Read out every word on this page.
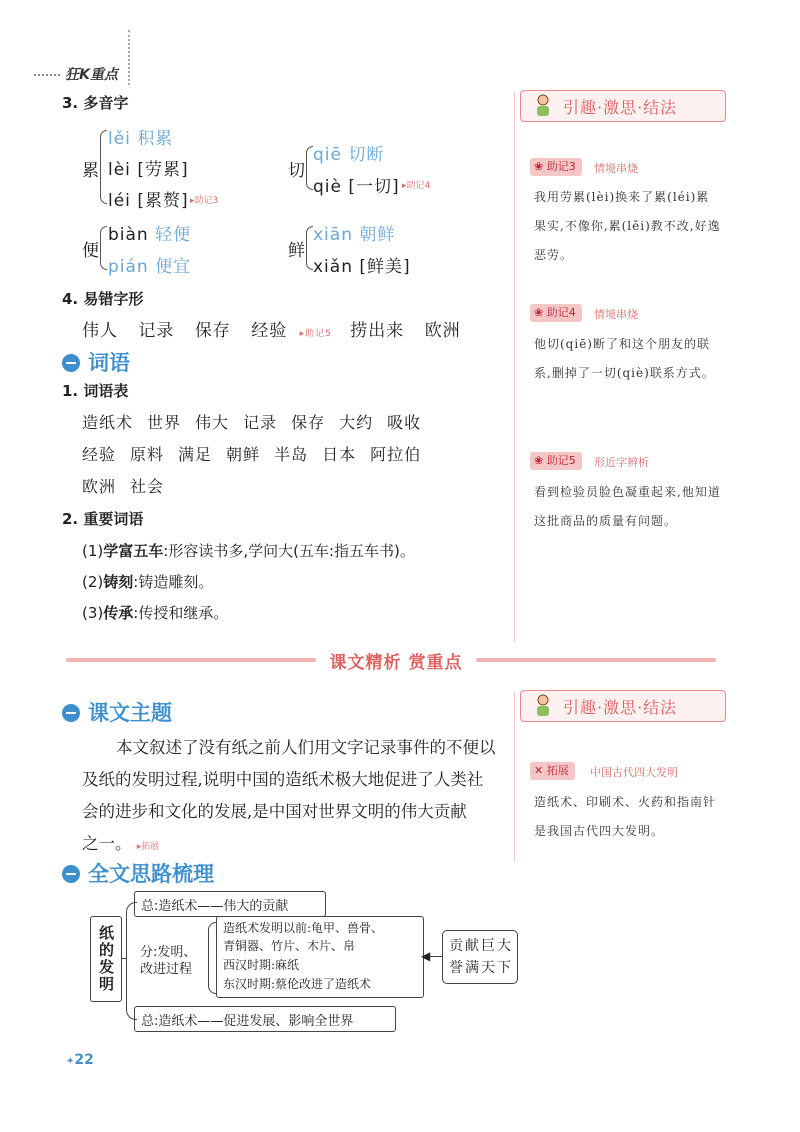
狂K重点
3. 多音字
累
lěi 积累
lèi [劳累]
léi [累赘] ▸助记3
切
qiē 切断
qiè [一切] ▸助记4
便
biàn 轻便
pián 便宜
鲜
xiān 朝鲜
xiǎn [鲜美]
4. 易错字形
伟人 记录 保存 经验 ▸助记5 捞出来 欧洲
词语
1. 词语表
造纸术 世界 伟大 记录 保存 大约 吸收
经验 原料 满足 朝鲜 半岛 日本 阿拉伯
欧洲 社会
2. 重要词语
(1)学富五车:形容读书多,学问大(五车:指五车书)。
(2)铸刻:铸造雕刻。
(3)传承:传授和继承。
引趣·激思·结法
❀ 助记3	情境串烧
我用劳累(lèi)换来了累(léi)累果实,不像你,累(lěi)教不改,好逸恶劳。
❀ 助记4	情境串烧
他切(qiē)断了和这个朋友的联系,删掉了一切(qiè)联系方式。
❀ 助记5	形近字辨析
看到检验员脸色凝重起来,他知道这批商品的质量有问题。
课文精析 赏重点
课文主题
本文叙述了没有纸之前人们用文字记录事件的不便以
及纸的发明过程,说明中国的造纸术极大地促进了人类社
会的进步和文化的发展,是中国对世界文明的伟大贡献
之一。 ▸拓展
引趣·激思·结法
✕ 拓展	中国古代四大发明
造纸术、印刷术、火药和指南针是我国古代四大发明。
全文思路梳理
纸的发明
总:造纸术——伟大的贡献
分:发明、
改进过程
造纸术发明以前:龟甲、兽骨、
青铜器、竹片、木片、帛
西汉时期:麻纸
东汉时期:蔡伦改进了造纸术
◀
贡献巨大
誉满天下
总:造纸术——促进发展、影响全世界
✦22
